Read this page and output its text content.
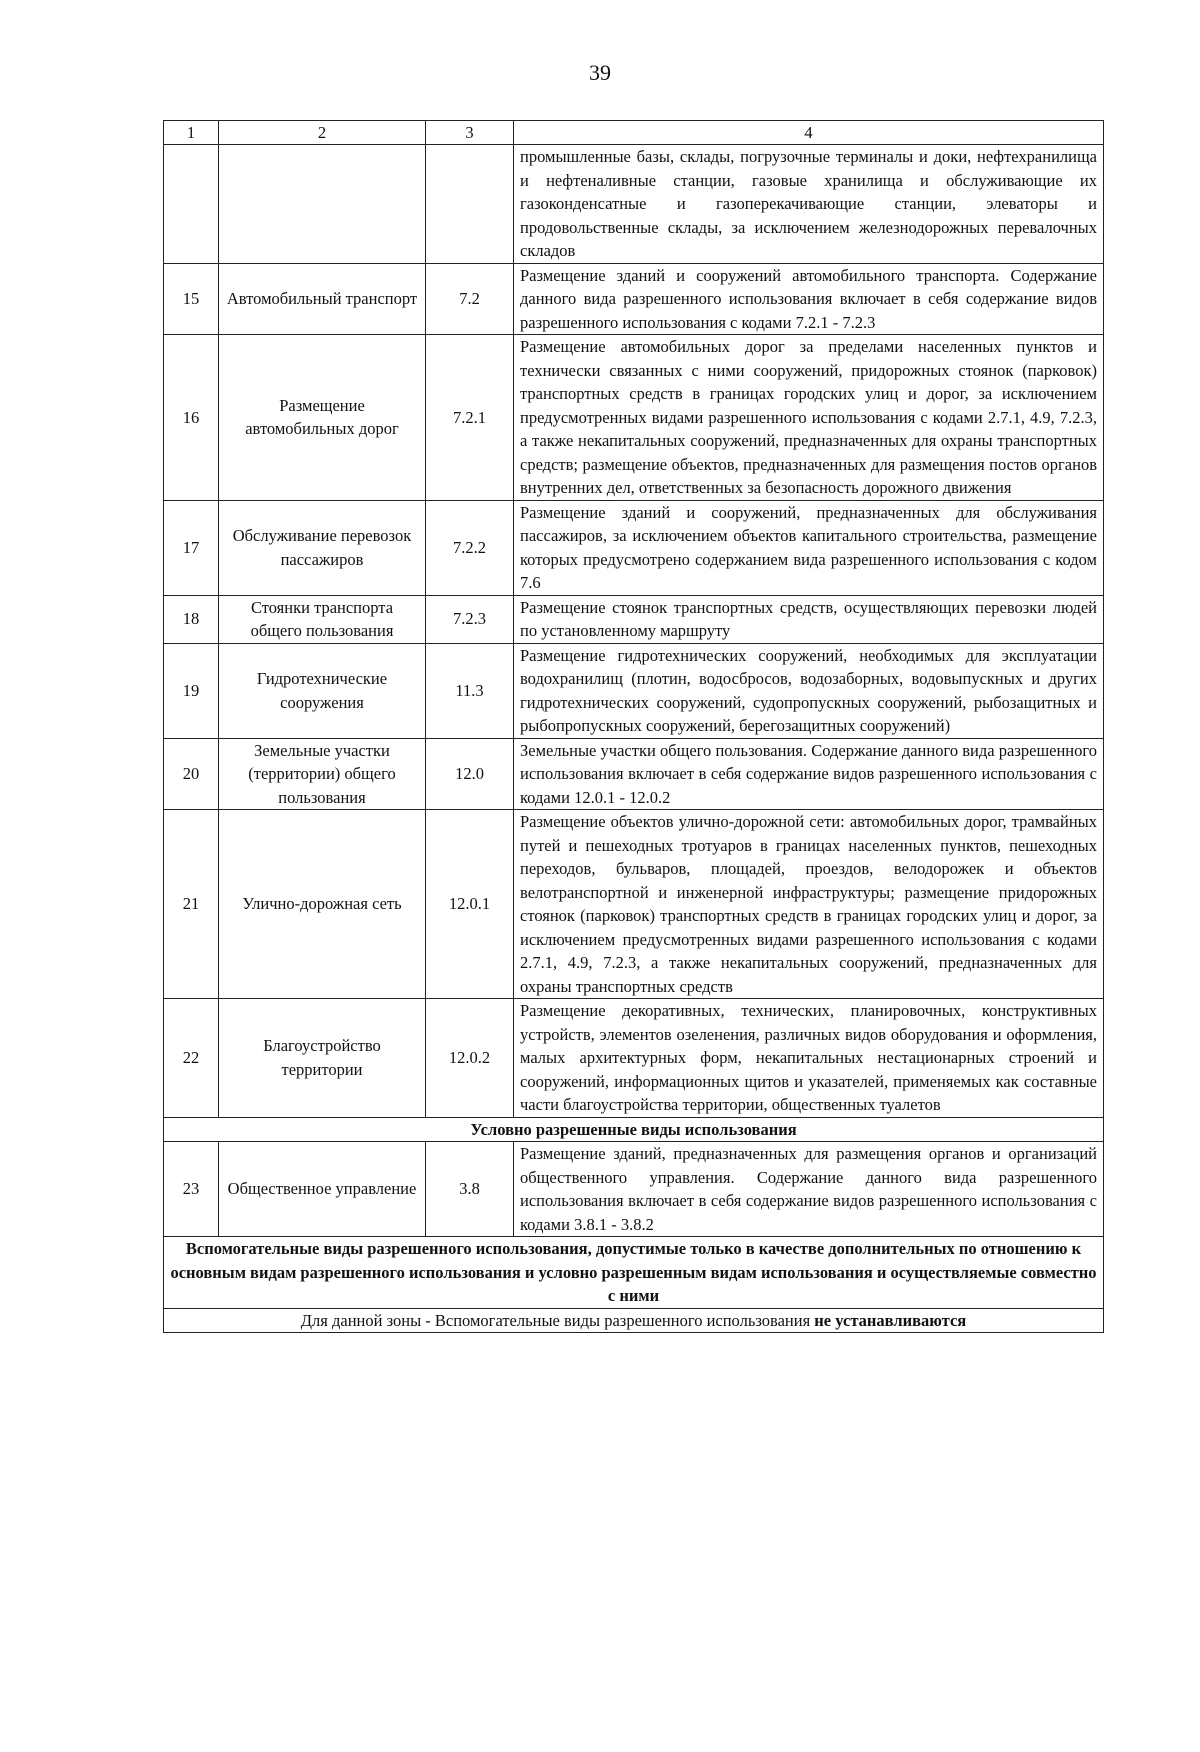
39
1	2	3	4
			промышленные базы, склады, погрузочные терминалы и доки, нефтехранилища и нефтеналивные станции, газовые хранилища и обслуживающие их газоконденсатные и газоперекачивающие станции, элеваторы и продовольственные склады, за исключением железнодорожных перевалочных складов
15	Автомобильный транспорт	7.2	Размещение зданий и сооружений автомобильного транспорта. Содержание данного вида разрешенного использования включает в себя содержание видов разрешенного использования с кодами 7.2.1 - 7.2.3
16	Размещение автомобильных дорог	7.2.1	Размещение автомобильных дорог за пределами населенных пунктов и технически связанных с ними сооружений, придорожных стоянок (парковок) транспортных средств в границах городских улиц и дорог, за исключением предусмотренных видами разрешенного использования с кодами 2.7.1, 4.9, 7.2.3, а также некапитальных сооружений, предназначенных для охраны транспортных средств; размещение объектов, предназначенных для размещения постов органов внутренних дел, ответственных за безопасность дорожного движения
17	Обслуживание перевозок пассажиров	7.2.2	Размещение зданий и сооружений, предназначенных для обслуживания пассажиров, за исключением объектов капитального строительства, размещение которых предусмотрено содержанием вида разрешенного использования с кодом 7.6
18	Стоянки транспорта общего пользования	7.2.3	Размещение стоянок транспортных средств, осуществляющих перевозки людей по установленному маршруту
19	Гидротехнические сооружения	11.3	Размещение гидротехнических сооружений, необходимых для эксплуатации водохранилищ (плотин, водосбросов, водозаборных, водовыпускных и других гидротехнических сооружений, судопропускных сооружений, рыбозащитных и рыбопропускных сооружений, берегозащитных сооружений)
20	Земельные участки (территории) общего пользования	12.0	Земельные участки общего пользования. Содержание данного вида разрешенного использования включает в себя содержание видов разрешенного использования с кодами 12.0.1 - 12.0.2
21	Улично-дорожная сеть	12.0.1	Размещение объектов улично-дорожной сети: автомобильных дорог, трамвайных путей и пешеходных тротуаров в границах населенных пунктов, пешеходных переходов, бульваров, площадей, проездов, велодорожек и объектов велотранспортной и инженерной инфраструктуры; размещение придорожных стоянок (парковок) транспортных средств в границах городских улиц и дорог, за исключением предусмотренных видами разрешенного использования с кодами 2.7.1, 4.9, 7.2.3, а также некапитальных сооружений, предназначенных для охраны транспортных средств
22	Благоустройство территории	12.0.2	Размещение декоративных, технических, планировочных, конструктивных устройств, элементов озеленения, различных видов оборудования и оформления, малых архитектурных форм, некапитальных нестационарных строений и сооружений, информационных щитов и указателей, применяемых как составные части благоустройства территории, общественных туалетов
Условно разрешенные виды использования			
23	Общественное управление	3.8	Размещение зданий, предназначенных для размещения органов и организаций общественного управления. Содержание данного вида разрешенного использования включает в себя содержание видов разрешенного использования с кодами 3.8.1 - 3.8.2
Вспомогательные виды разрешенного использования, допустимые только в качестве дополнительных по отношению к основным видам разрешенного использования и условно разрешенным видам использования и осуществляемые совместно с ними			
Для данной зоны - Вспомогательные виды разрешенного использования не устанавливаются			
